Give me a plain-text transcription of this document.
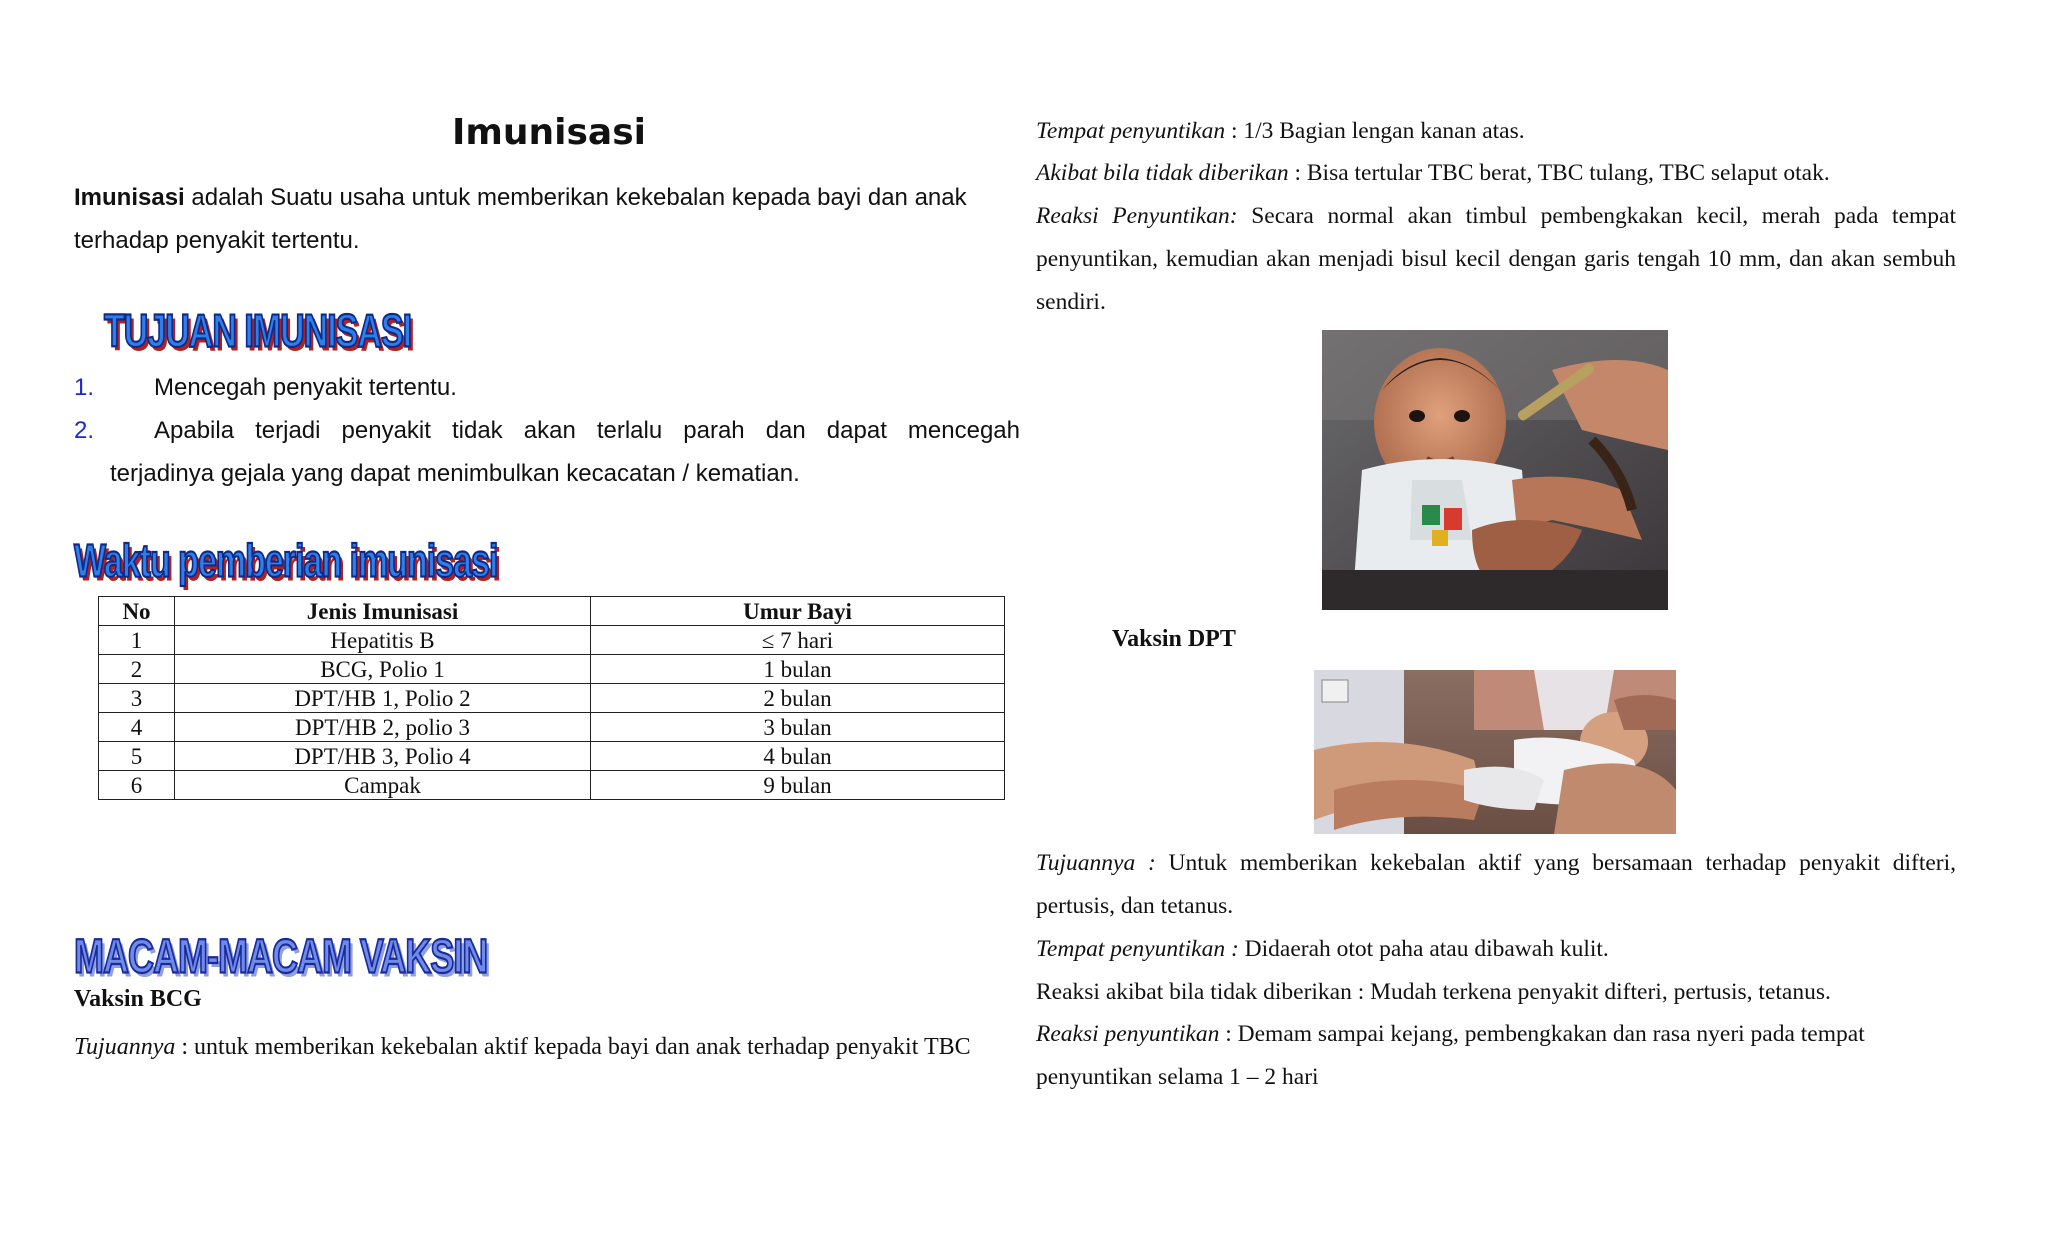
Imunisasi

Imunisasi adalah Suatu usaha untuk memberikan kekebalan kepada bayi dan anak terhadap penyakit tertentu.

TUJUAN IMUNISASI
1.	Mencegah penyakit tertentu.
2.	Apabila terjadi penyakit tidak akan terlalu parah dan dapat mencegah
terjadinya gejala yang dapat menimbulkan kecacatan / kematian.
Waktu pemberian imunisasi
No	Jenis Imunisasi	Umur Bayi
1	Hepatitis B	≤ 7 hari
2	BCG, Polio 1	1 bulan
3	DPT/HB 1, Polio 2	2 bulan
4	DPT/HB 2, polio 3	3 bulan
5	DPT/HB 3, Polio 4	4 bulan
6	Campak	9 bulan
MACAM-MACAM VAKSIN

Vaksin BCG

Tujuannya : untuk memberikan kekebalan aktif kepada bayi dan anak terhadap penyakit TBC

Tempat penyuntikan : 1/3 Bagian lengan kanan atas.

Akibat bila tidak diberikan : Bisa tertular TBC berat, TBC tulang, TBC selaput otak.

Reaksi Penyuntikan: Secara normal akan timbul pembengkakan kecil, merah pada tempat penyuntikan, kemudian akan menjadi bisul kecil dengan garis tengah 10 mm, dan akan sembuh sendiri.

Vaksin DPT

Tujuannya : Untuk memberikan kekebalan aktif yang bersamaan terhadap penyakit difteri, pertusis, dan tetanus.

Tempat penyuntikan : Didaerah otot paha atau dibawah kulit.

Reaksi akibat bila tidak diberikan : Mudah terkena penyakit difteri, pertusis, tetanus.

Reaksi penyuntikan : Demam sampai kejang, pembengkakan dan rasa nyeri pada tempat penyuntikan selama 1 – 2 hari
